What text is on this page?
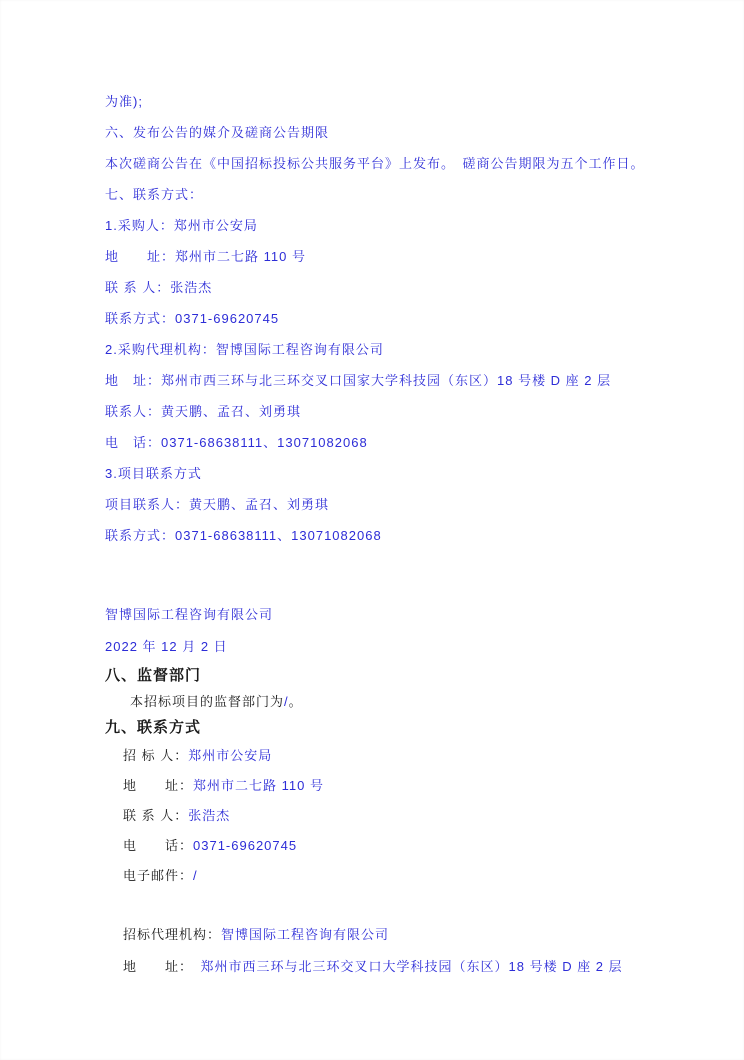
为准);
六、发布公告的媒介及磋商公告期限
本次磋商公告在《中国招标投标公共服务平台》上发布。　磋商公告期限为五个工作日。
七、联系方式：
1.采购人：郑州市公安局
地　　址：郑州市二七路 110 号
联 系 人：张浩杰
联系方式：0371-69620745
2.采购代理机构：智博国际工程咨询有限公司
地　址：郑州市西三环与北三环交叉口国家大学科技园（东区）18 号楼 D 座 2 层
联系人：黄天鹏、孟召、刘勇琪
电　话：0371-68638111、13071082068
3.项目联系方式
项目联系人：黄天鹏、孟召、刘勇琪
联系方式：0371-68638111、13071082068
智博国际工程咨询有限公司
2022 年 12 月 2 日
八、监督部门
本招标项目的监督部门为/。
九、联系方式
招 标 人：郑州市公安局
地　　址：郑州市二七路 110 号
联 系 人：张浩杰
电　　话：0371-69620745
电子邮件：/
招标代理机构：智博国际工程咨询有限公司
地　　址：　郑州市西三环与北三环交叉口大学科技园（东区）18 号楼 D 座 2 层
